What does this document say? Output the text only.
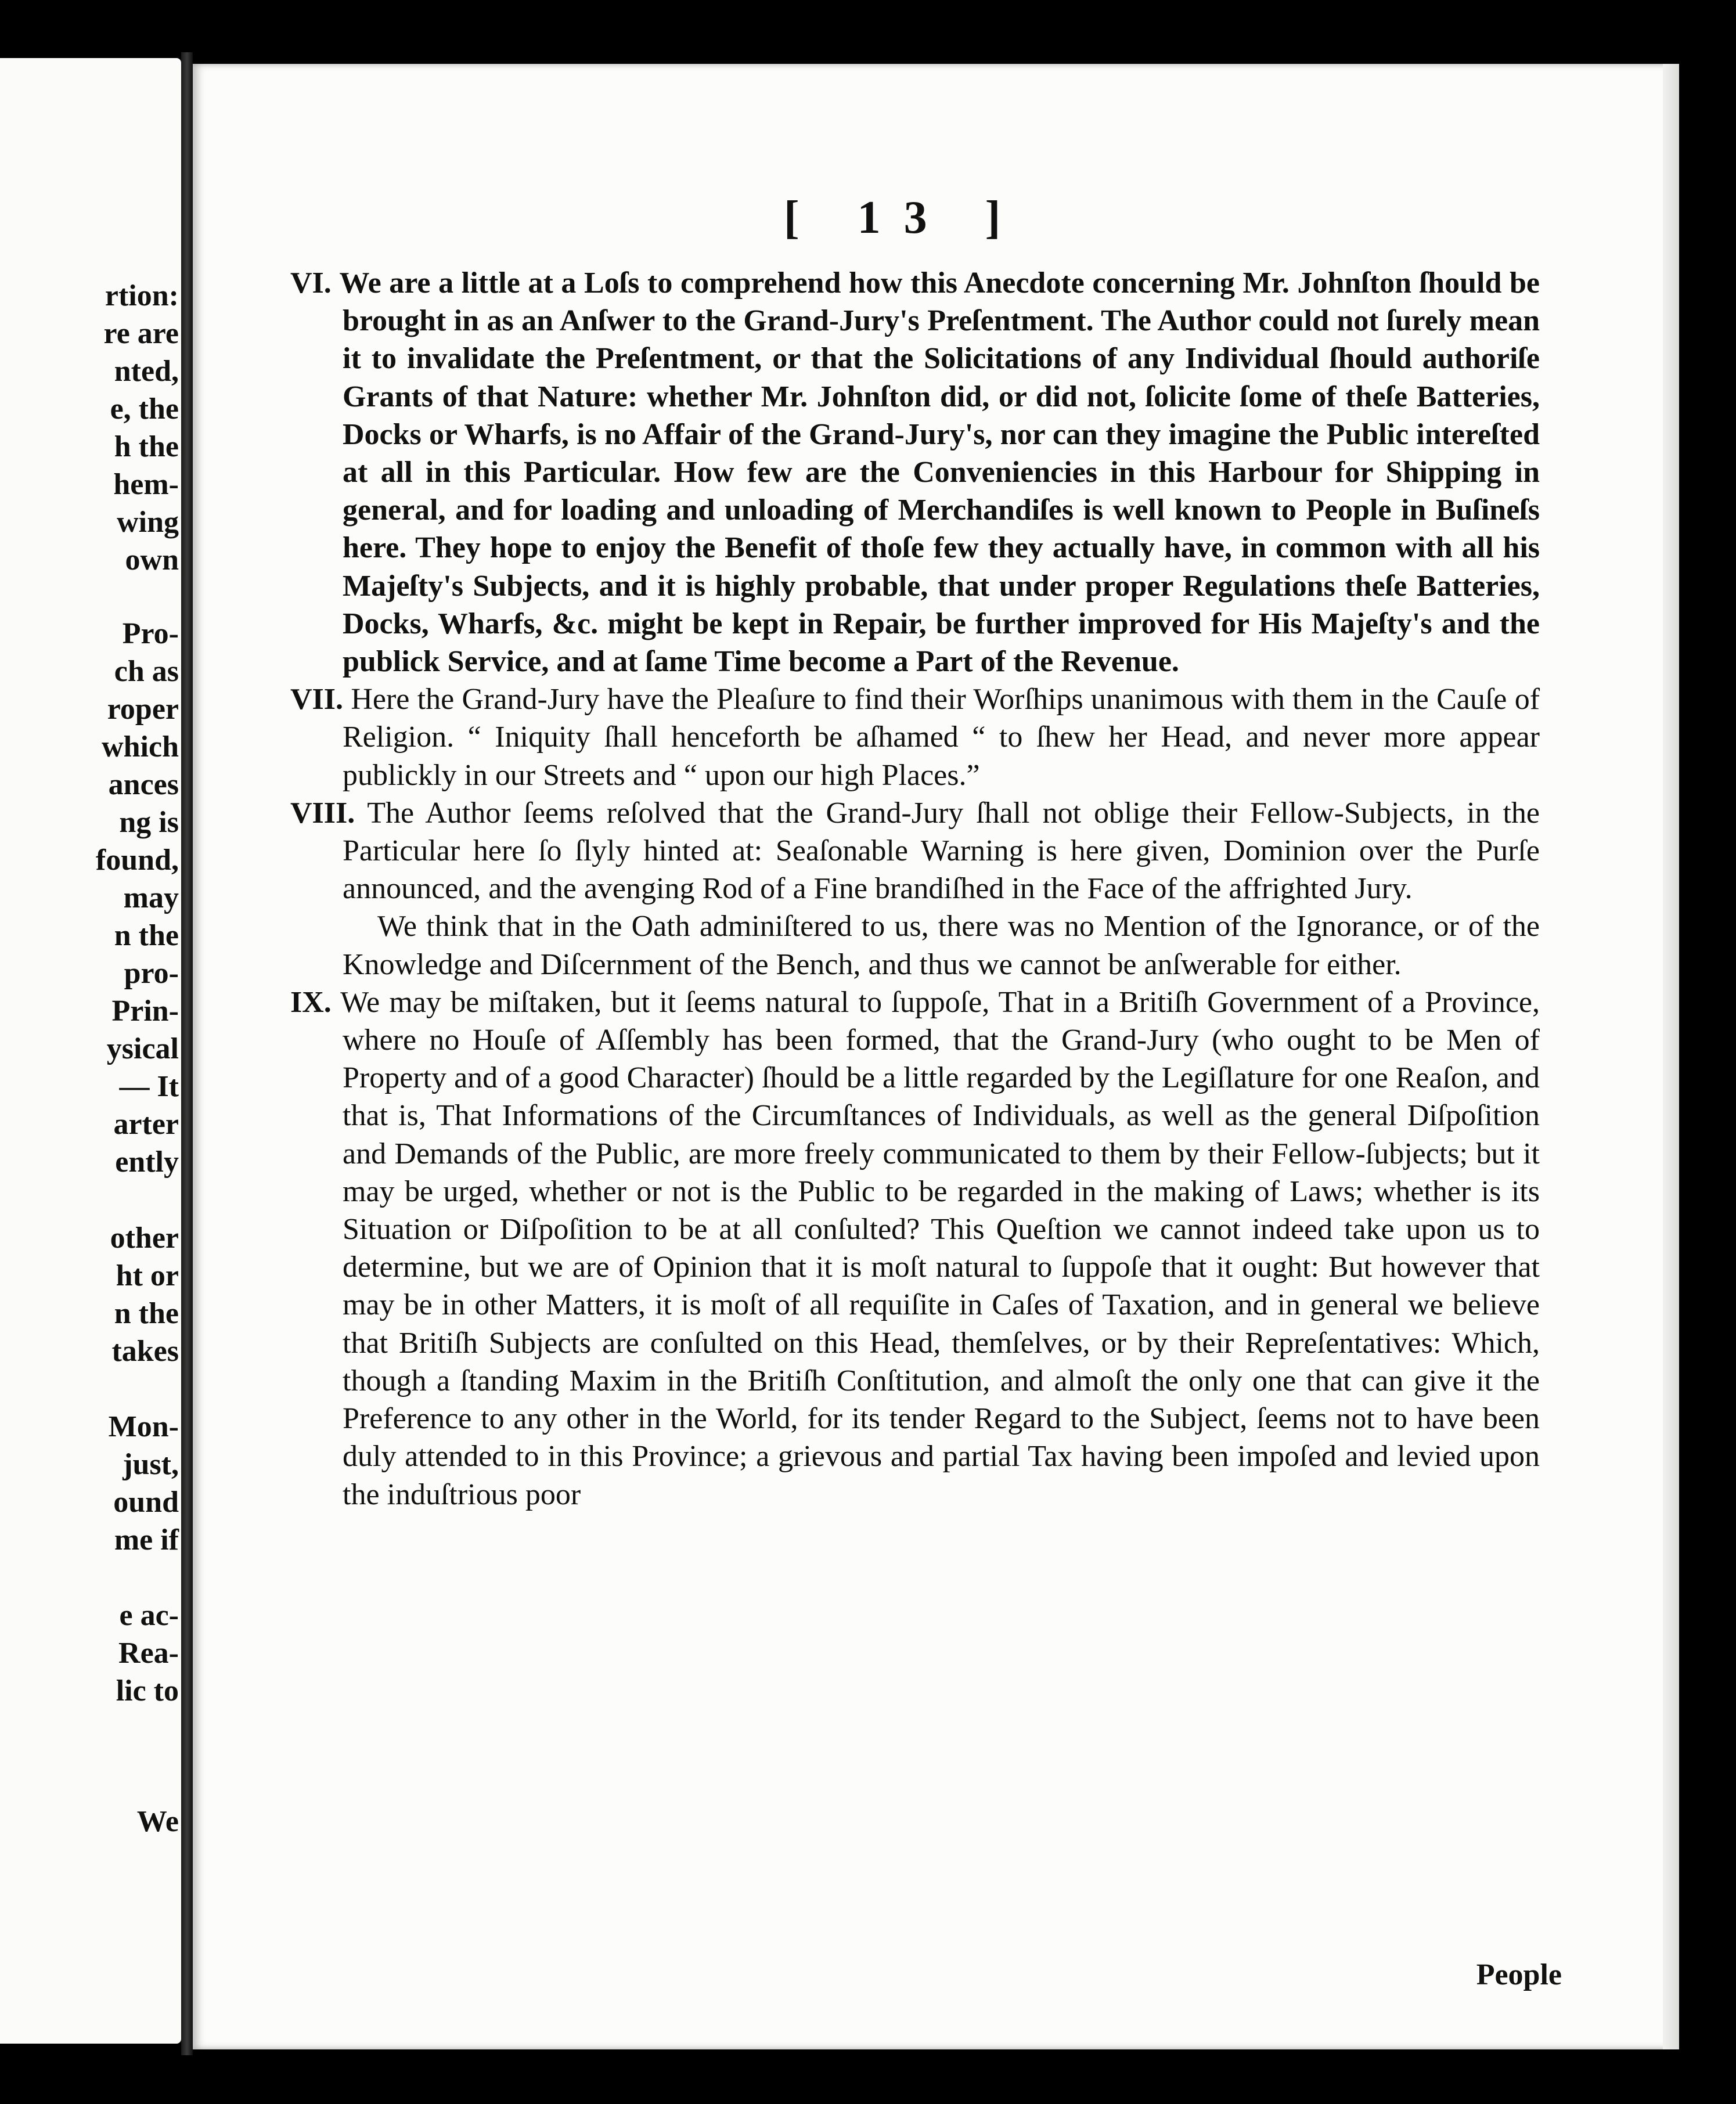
rtion:
re are
nted,
e, the
h the
hem-
wing
own
Pro-
ch as
roper
which
ances
ng is
found,
may
n the
pro-
Prin-
ysical
— It
arter
ently
other
ht or
n the
takes
Mon-
just,
ound
me if
e ac-
Rea-
lic to
We
[ 13 ]

VI. We are a little at a Loſs to comprehend how this Anecdote concerning Mr. Johnſton ſhould be brought in as an Anſwer to the Grand-Jury's Preſentment. The Author could not ſurely mean it to invalidate the Preſentment, or that the Solicitations of any Individual ſhould authoriſe Grants of that Nature: whether Mr. Johnſton did, or did not, ſolicite ſome of theſe Batteries, Docks or Wharfs, is no Affair of the Grand-Jury's, nor can they imagine the Public intereſted at all in this Particular. How few are the Conveniencies in this Harbour for Shipping in general, and for loading and unloading of Merchandiſes is well known to People in Buſineſs here. They hope to enjoy the Benefit of thoſe few they actually have, in common with all his Majeſty's Subjects, and it is highly probable, that under proper Regulations theſe Batteries, Docks, Wharfs, &c. might be kept in Repair, be further improved for His Majeſty's and the publick Service, and at ſame Time become a Part of the Revenue.

VII. Here the Grand-Jury have the Pleaſure to find their Worſhips unanimous with them in the Cauſe of Religion. “ Iniquity ſhall henceforth be aſhamed “ to ſhew her Head, and never more appear publickly in our Streets and “ upon our high Places.”

VIII. The Author ſeems reſolved that the Grand-Jury ſhall not oblige their Fellow-Subjects, in the Particular here ſo ſlyly hinted at: Seaſonable Warning is here given, Dominion over the Purſe announced, and the avenging Rod of a Fine brandiſhed in the Face of the affrighted Jury.

We think that in the Oath adminiſtered to us, there was no Mention of the Ignorance, or of the Knowledge and Diſcernment of the Bench, and thus we cannot be anſwerable for either.

IX. We may be miſtaken, but it ſeems natural to ſuppoſe, That in a Britiſh Government of a Province, where no Houſe of Aſſembly has been formed, that the Grand-Jury (who ought to be Men of Property and of a good Character) ſhould be a little regarded by the Legiſlature for one Reaſon, and that is, That Informations of the Circumſtances of Individuals, as well as the general Diſpoſition and Demands of the Public, are more freely communicated to them by their Fellow-ſubjects; but it may be urged, whether or not is the Public to be regarded in the making of Laws; whether is its Situation or Diſpoſition to be at all conſulted? This Queſtion we cannot indeed take upon us to determine, but we are of Opinion that it is moſt natural to ſuppoſe that it ought: But however that may be in other Matters, it is moſt of all requiſite in Caſes of Taxation, and in general we believe that Britiſh Subjects are conſulted on this Head, themſelves, or by their Repreſentatives: Which, though a ſtanding Maxim in the Britiſh Conſtitution, and almoſt the only one that can give it the Preference to any other in the World, for its tender Regard to the Subject, ſeems not to have been duly attended to in this Province; a grievous and partial Tax having been impoſed and levied upon the induſtrious poor

People
